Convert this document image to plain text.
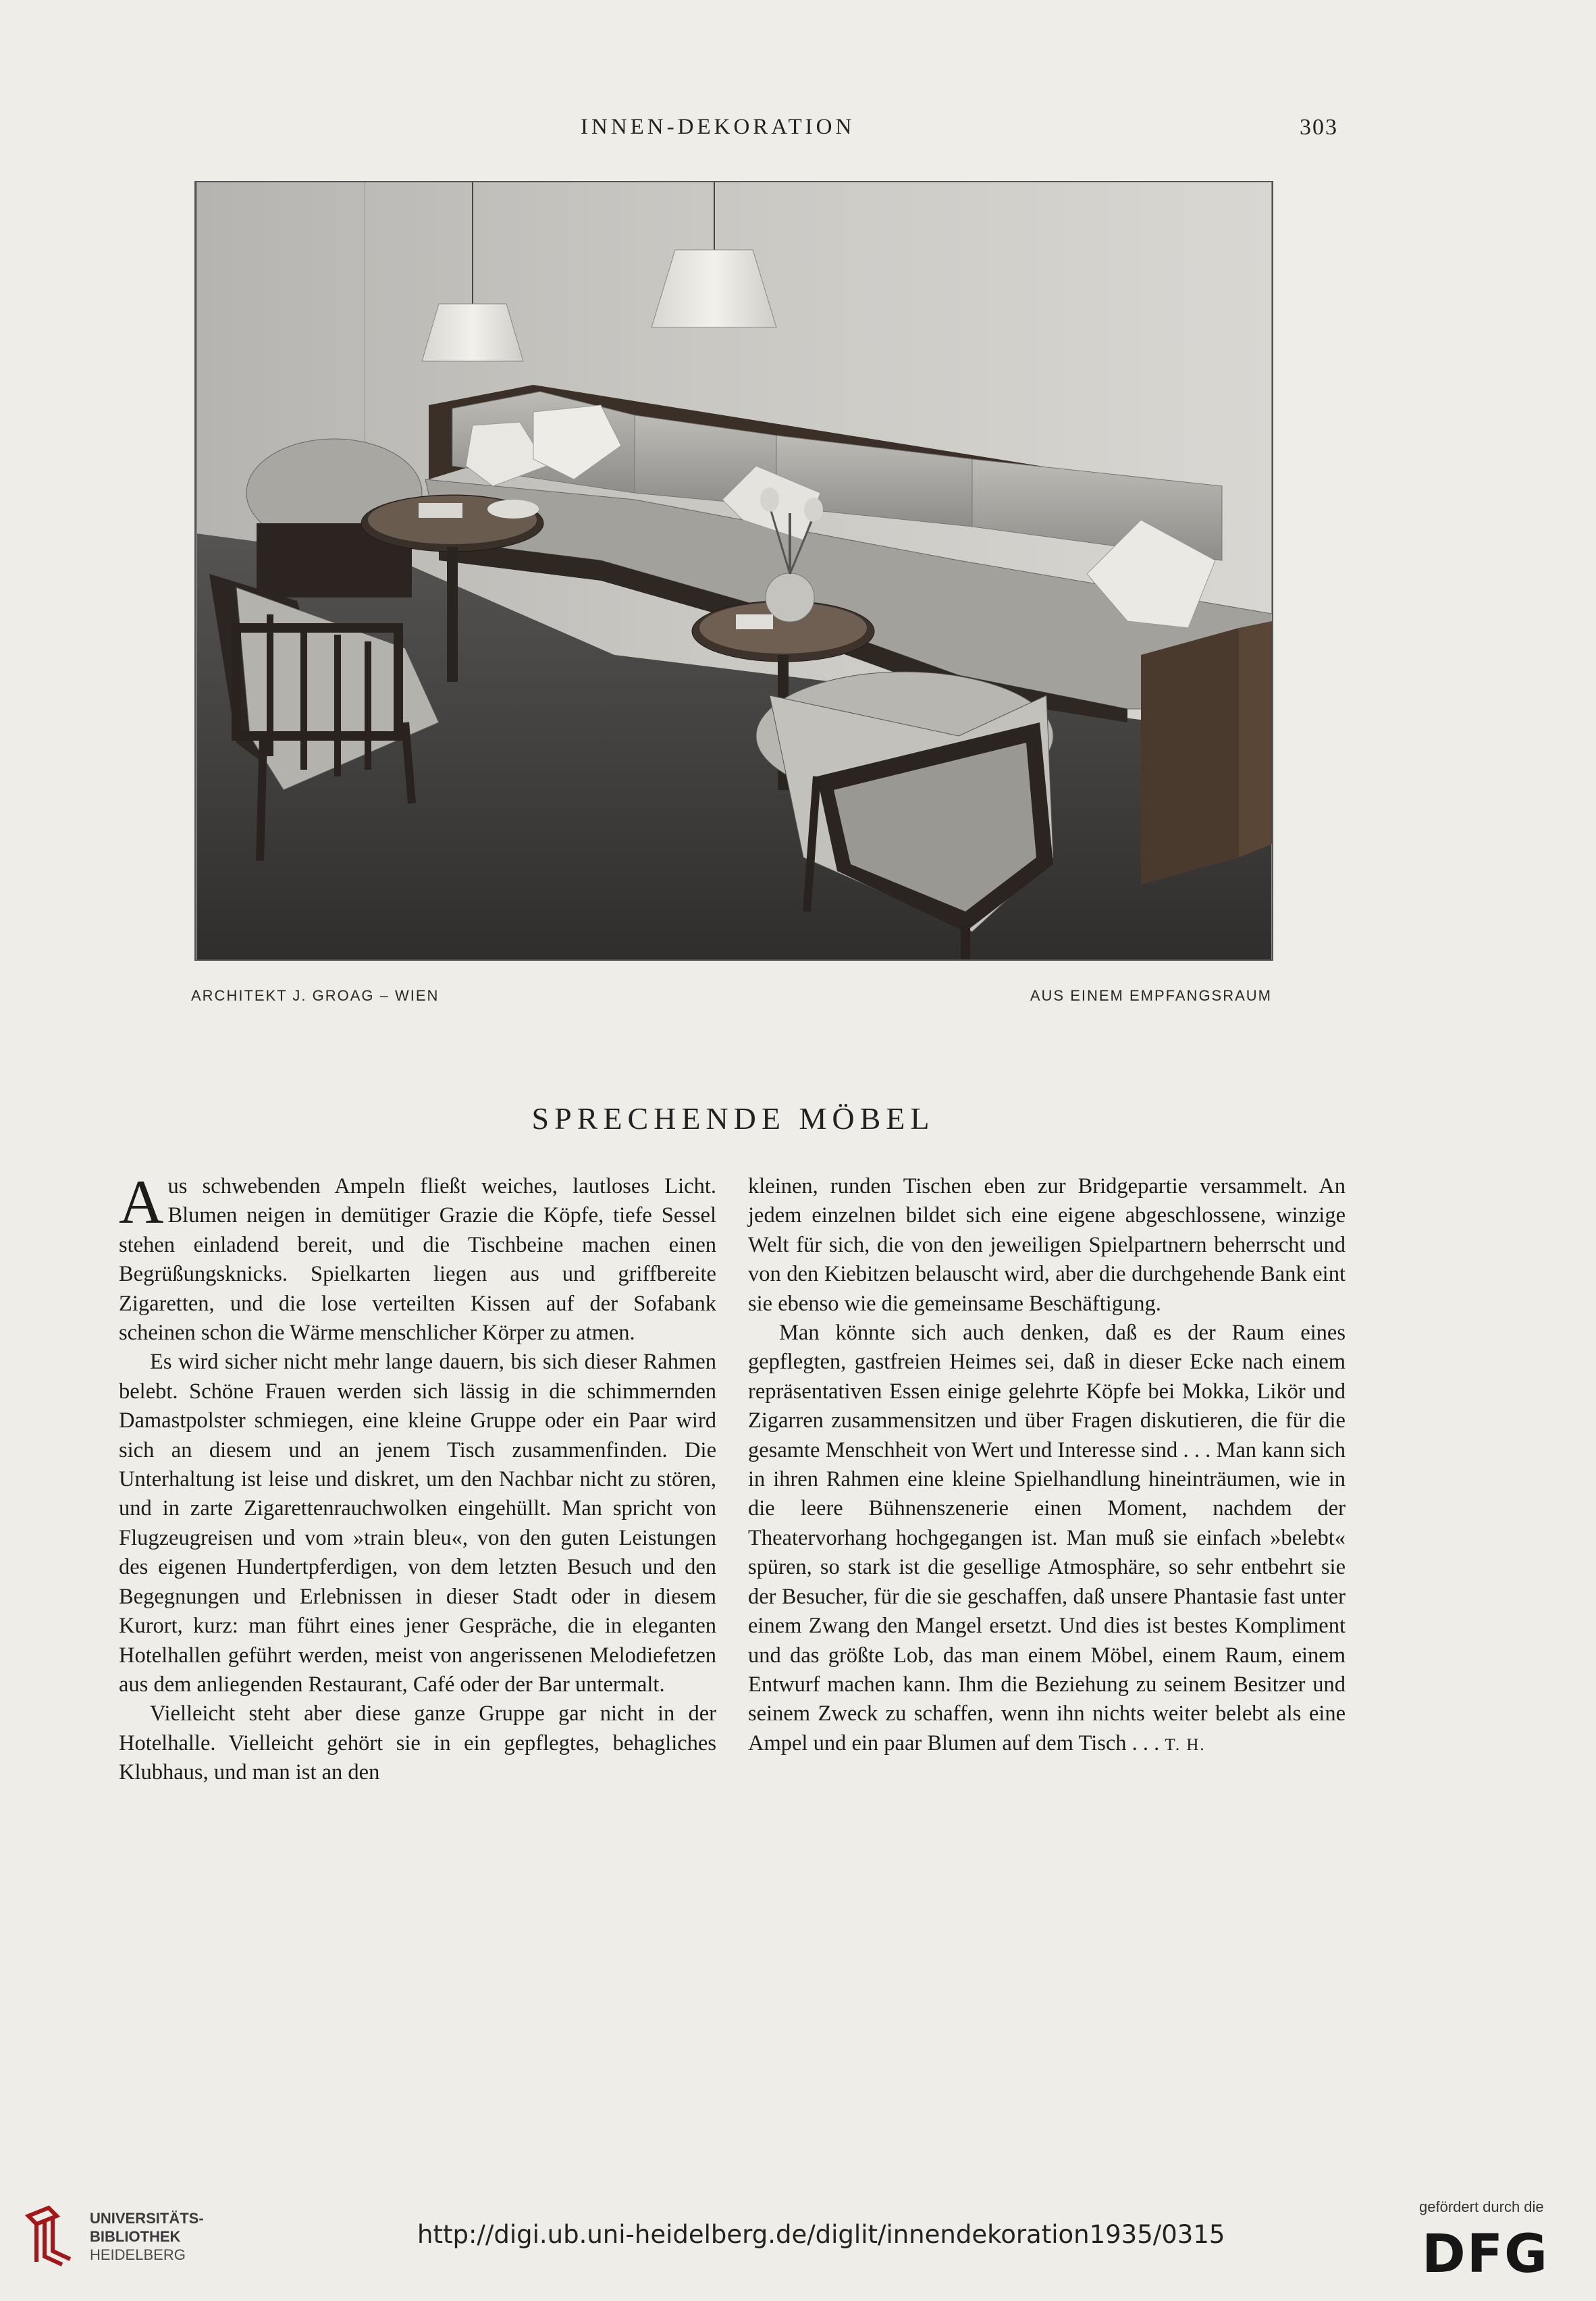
INNEN-DEKORATION	303
ARCHITEKT J. GROAG – WIEN	AUS EINEM EMPFANGSRAUM
SPRECHENDE MÖBEL

Aus schwebenden Ampeln fließt weiches, lautloses Licht. Blumen neigen in demütiger Grazie die Köpfe, tiefe Sessel stehen einladend bereit, und die Tischbeine machen einen Begrüßungsknicks. Spielkarten liegen aus und griffbereite Zigaretten, und die lose verteilten Kissen auf der Sofabank scheinen schon die Wärme menschlicher Körper zu atmen.

Es wird sicher nicht mehr lange dauern, bis sich dieser Rahmen belebt. Schöne Frauen werden sich lässig in die schimmernden Damastpolster schmiegen, eine kleine Gruppe oder ein Paar wird sich an diesem und an jenem Tisch zusammenfinden. Die Unterhaltung ist leise und diskret, um den Nachbar nicht zu stören, und in zarte Zigarettenrauchwolken eingehüllt. Man spricht von Flugzeugreisen und vom »train bleu«, von den guten Leistungen des eigenen Hundertpferdigen, von dem letzten Besuch und den Begegnungen und Erlebnissen in dieser Stadt oder in diesem Kurort, kurz: man führt eines jener Gespräche, die in eleganten Hotelhallen geführt werden, meist von angerissenen Melodiefetzen aus dem anliegenden Restaurant, Café oder der Bar untermalt.

Vielleicht steht aber diese ganze Gruppe gar nicht in der Hotelhalle. Vielleicht gehört sie in ein gepflegtes, behagliches Klubhaus, und man ist an den

kleinen, runden Tischen eben zur Bridgepartie versammelt. An jedem einzelnen bildet sich eine eigene abgeschlossene, winzige Welt für sich, die von den jeweiligen Spielpartnern beherrscht und von den Kiebitzen belauscht wird, aber die durchgehende Bank eint sie ebenso wie die gemeinsame Beschäftigung.

Man könnte sich auch denken, daß es der Raum eines gepflegten, gastfreien Heimes sei, daß in dieser Ecke nach einem repräsentativen Essen einige gelehrte Köpfe bei Mokka, Likör und Zigarren zusammensitzen und über Fragen diskutieren, die für die gesamte Menschheit von Wert und Interesse sind . . . Man kann sich in ihren Rahmen eine kleine Spielhandlung hineinträumen, wie in die leere Bühnenszenerie einen Moment, nachdem der Theatervorhang hochgegangen ist. Man muß sie einfach »belebt« spüren, so stark ist die gesellige Atmosphäre, so sehr entbehrt sie der Besucher, für die sie geschaffen, daß unsere Phantasie fast unter einem Zwang den Mangel ersetzt. Und dies ist bestes Kompliment und das größte Lob, das man einem Möbel, einem Raum, einem Entwurf machen kann. Ihm die Beziehung zu seinem Besitzer und seinem Zweck zu schaffen, wenn ihn nichts weiter belebt als eine Ampel und ein paar Blumen auf dem Tisch . . . T. H.

UNIVERSITÄTS-
BIBLIOTHEK
HEIDELBERG
http://digi.ub.uni-heidelberg.de/diglit/innendekoration1935/0315
gefördert durch die
DFG
